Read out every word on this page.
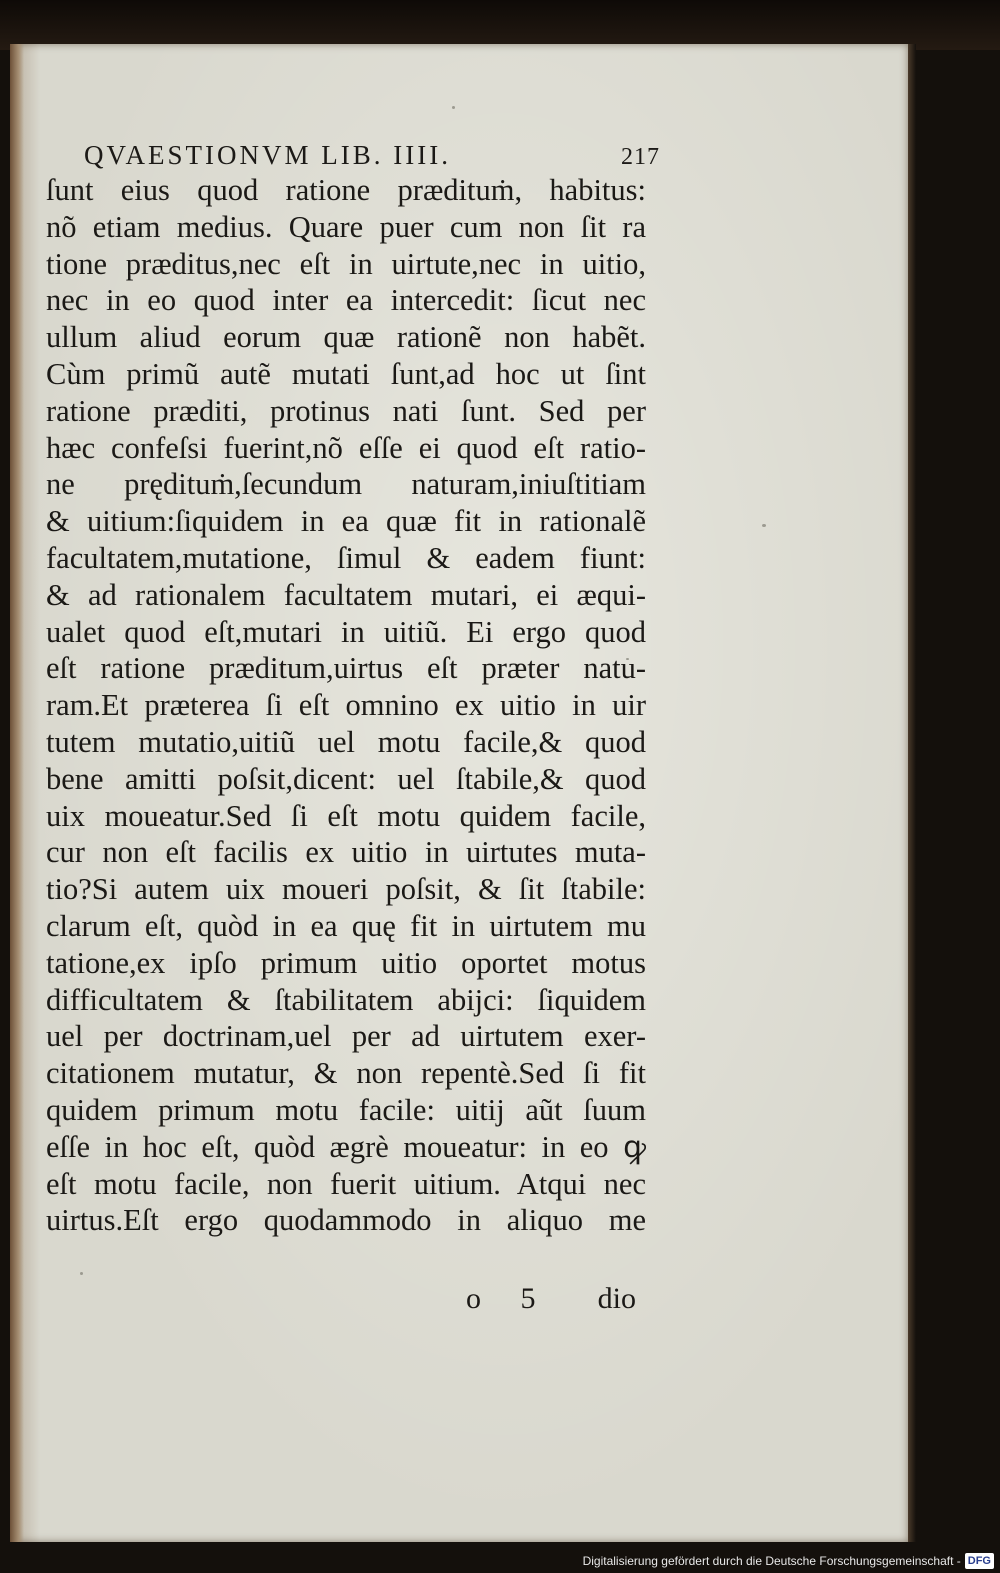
QVAESTIONVM LIB. IIII.	217
ſunt eius quod ratione prædituṁ, habitus:
nõ etiam medius. Quare puer cum non ſit ra
tione præditus,nec eſt in uirtute,nec in uitio,
nec in eo quod inter ea intercedit: ſicut nec
ullum aliud eorum quæ rationẽ non habẽt.
Cùm primũ autẽ mutati ſunt,ad hoc ut ſint
ratione præditi, protinus nati ſunt. Sed per
hæc confeſsi fuerint,nõ eſſe ei quod eſt ratio-
ne prędituṁ,ſecundum naturam,iniuſtitiam
& uitium:ſiquidem in ea quæ fit in rationalẽ
facultatem,mutatione, ſimul & eadem fiunt:
& ad rationalem facultatem mutari, ei æqui-
ualet quod eſt,mutari in uitiũ. Ei ergo quod
eſt ratione præditum,uirtus eſt præter natu-
ram.Et præterea ſi eſt omnino ex uitio in uir
tutem mutatio,uitiũ uel motu facile,& quod
bene amitti poſsit,dicent: uel ſtabile,& quod
uix moueatur.Sed ſi eſt motu quidem facile,
cur non eſt facilis ex uitio in uirtutes muta-
tio?Si autem uix moueri poſsit, & ſit ſtabile:
clarum eſt, quòd in ea quę fit in uirtutem mu
tatione,ex ipſo primum uitio oportet motus
difficultatem & ſtabilitatem abijci: ſiquidem
uel per doctrinam,uel per ad uirtutem exer-
citationem mutatur, & non repentè.Sed ſi fit
quidem primum motu facile: uitij aũt ſuum
eſſe in hoc eſt, quòd ægrè moueatur: in eo ꝙ
eſt motu facile, non fuerit uitium. Atqui nec
uirtus.Eſt ergo quodammodo in aliquo me
o 5 dio
Digitalisierung gefördert durch die Deutsche Forschungsgemeinschaft - DFG
